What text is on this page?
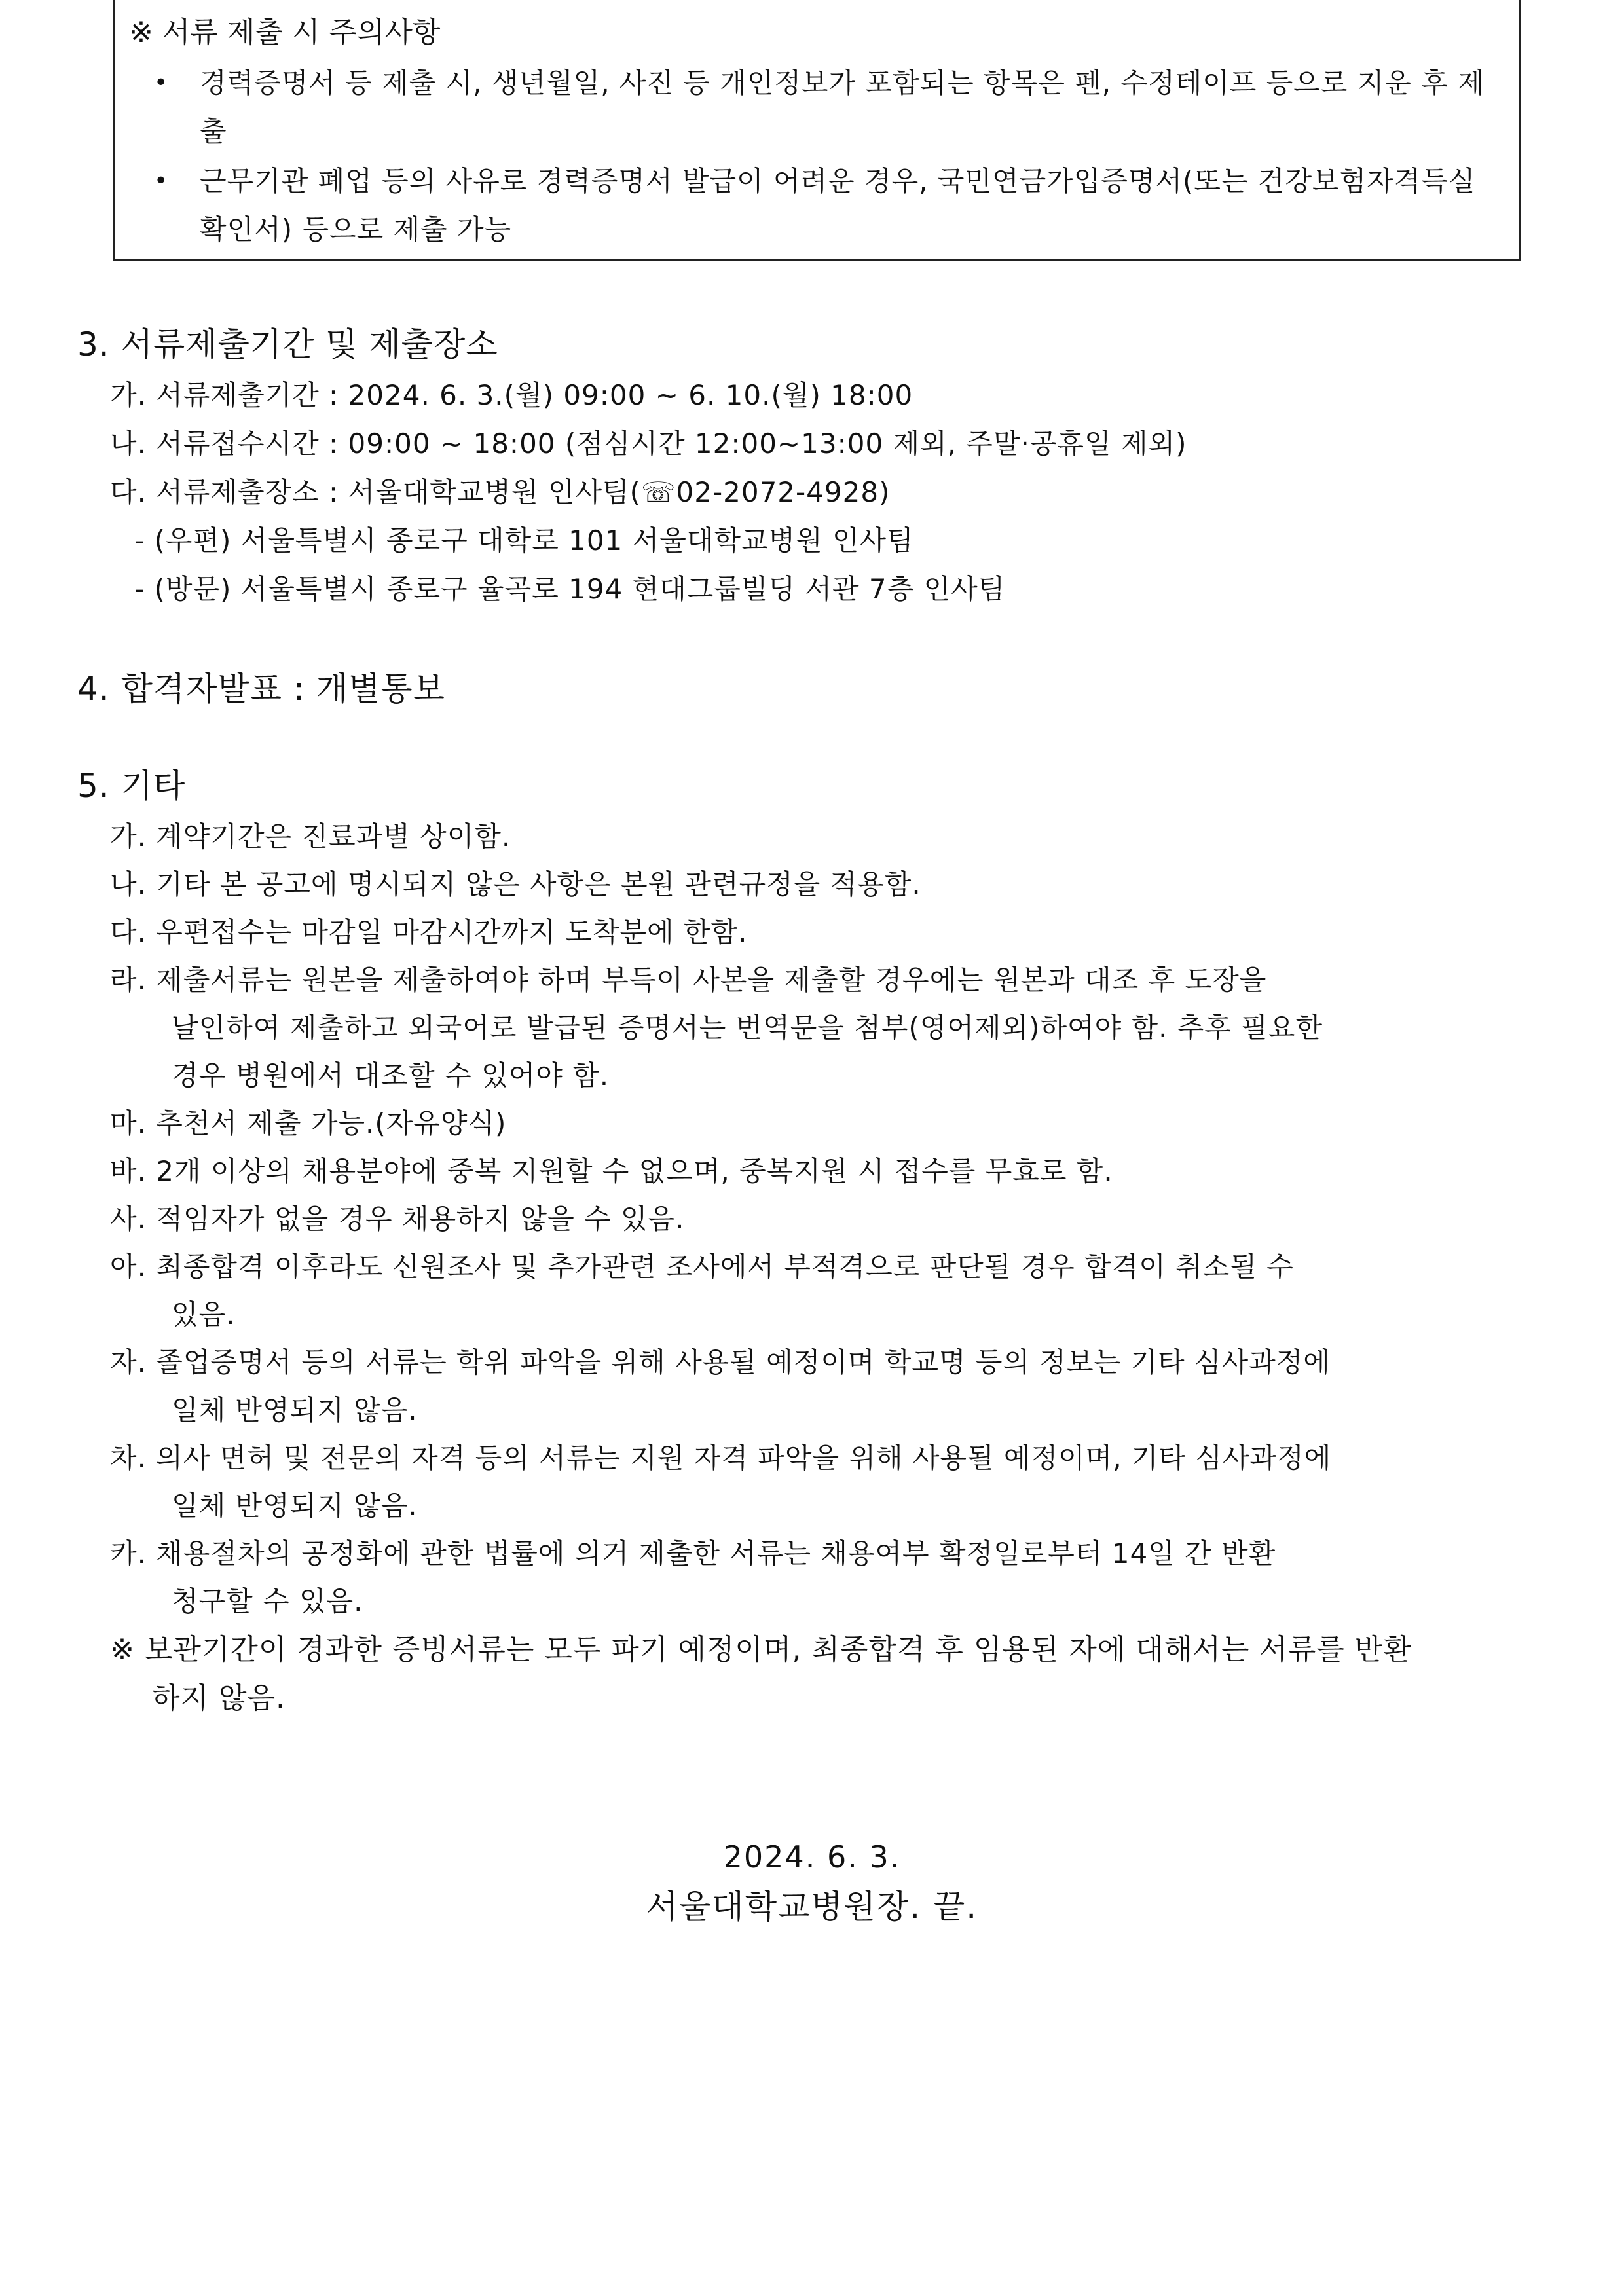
※ 서류 제출 시 주의사항
• 경력증명서 등 제출 시, 생년월일, 사진 등 개인정보가 포함되는 항목은 펜, 수정테이프 등으로 지운 후 제출
• 근무기관 폐업 등의 사유로 경력증명서 발급이 어려운 경우, 국민연금가입증명서(또는 건강보험자격득실 확인서) 등으로 제출 가능
3. 서류제출기간 및 제출장소
가. 서류제출기간 : 2024. 6. 3.(월) 09:00 ~ 6. 10.(월) 18:00
나. 서류접수시간 : 09:00 ~ 18:00 (점심시간 12:00~13:00 제외, 주말·공휴일 제외)
다. 서류제출장소 : 서울대학교병원 인사팀(☏02-2072-4928)
- (우편) 서울특별시 종로구 대학로 101 서울대학교병원 인사팀
- (방문) 서울특별시 종로구 율곡로 194 현대그룹빌딩 서관 7층 인사팀
4. 합격자발표 : 개별통보
5. 기타
가. 계약기간은 진료과별 상이함.
나. 기타 본 공고에 명시되지 않은 사항은 본원 관련규정을 적용함.
다. 우편접수는 마감일 마감시간까지 도착분에 한함.
라. 제출서류는 원본을 제출하여야 하며 부득이 사본을 제출할 경우에는 원본과 대조 후 도장을
날인하여 제출하고 외국어로 발급된 증명서는 번역문을 첨부(영어제외)하여야 함. 추후 필요한
경우 병원에서 대조할 수 있어야 함.
마. 추천서 제출 가능.(자유양식)
바. 2개 이상의 채용분야에 중복 지원할 수 없으며, 중복지원 시 접수를 무효로 함.
사. 적임자가 없을 경우 채용하지 않을 수 있음.
아. 최종합격 이후라도 신원조사 및 추가관련 조사에서 부적격으로 판단될 경우 합격이 취소될 수
있음.
자. 졸업증명서 등의 서류는 학위 파악을 위해 사용될 예정이며 학교명 등의 정보는 기타 심사과정에
일체 반영되지 않음.
차. 의사 면허 및 전문의 자격 등의 서류는 지원 자격 파악을 위해 사용될 예정이며, 기타 심사과정에
일체 반영되지 않음.
카. 채용절차의 공정화에 관한 법률에 의거 제출한 서류는 채용여부 확정일로부터 14일 간 반환
청구할 수 있음.
※ 보관기간이 경과한 증빙서류는 모두 파기 예정이며, 최종합격 후 임용된 자에 대해서는 서류를 반환
하지 않음.
2024. 6. 3.
서울대학교병원장. 끝.
